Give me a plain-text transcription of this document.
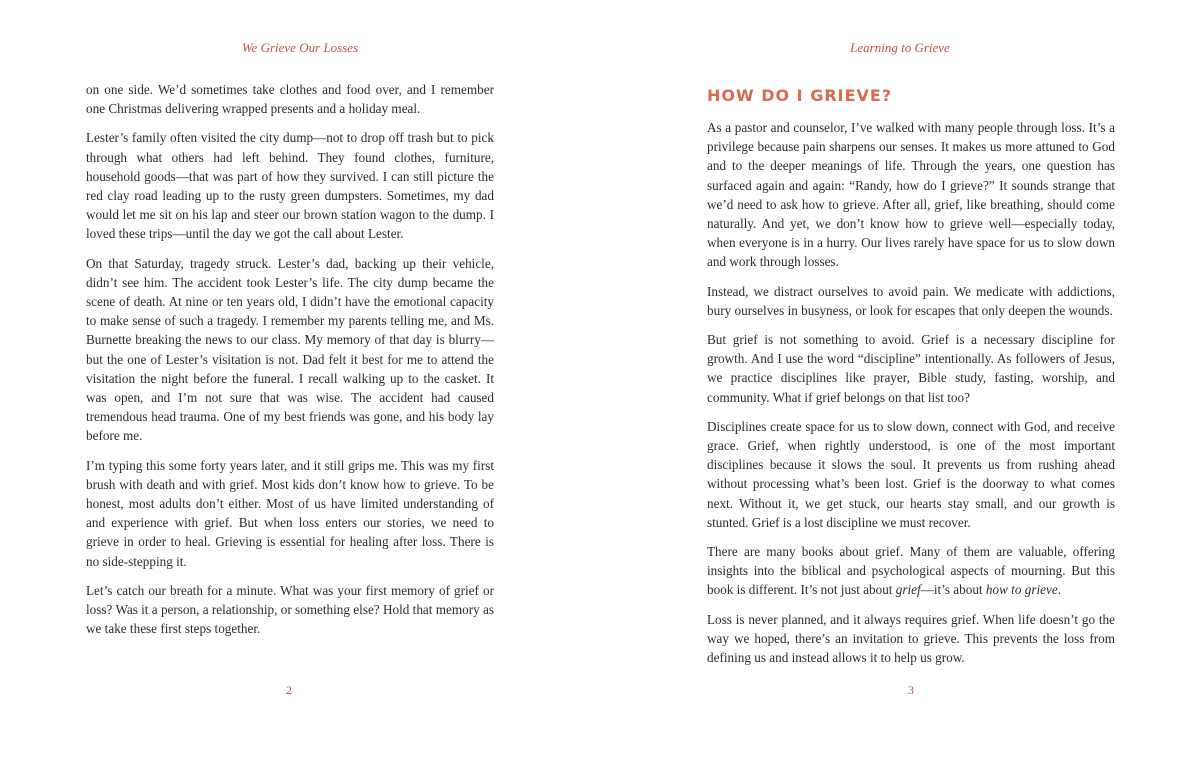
We Grieve Our Losses

on one side. We’d sometimes take clothes and food over, and I remember one Christmas delivering wrapped presents and a holiday meal.

Lester’s family often visited the city dump—not to drop off trash but to pick through what others had left behind. They found clothes, furniture, household goods—that was part of how they survived. I can still picture the red clay road leading up to the rusty green dumpsters. Sometimes, my dad would let me sit on his lap and steer our brown station wagon to the dump. I loved these trips—until the day we got the call about Lester.

On that Saturday, tragedy struck. Lester’s dad, backing up their vehicle, didn’t see him. The accident took Lester’s life. The city dump became the scene of death. At nine or ten years old, I didn’t have the emotional capacity to make sense of such a tragedy. I remember my parents telling me, and Ms. Burnette breaking the news to our class. My memory of that day is blurry—but the one of Lester’s visitation is not. Dad felt it best for me to attend the visitation the night before the funeral. I recall walking up to the casket. It was open, and I’m not sure that was wise. The accident had caused tremendous head trauma. One of my best friends was gone, and his body lay before me.

I’m typing this some forty years later, and it still grips me. This was my first brush with death and with grief. Most kids don’t know how to grieve. To be honest, most adults don’t either. Most of us have limited understanding of and experience with grief. But when loss enters our stories, we need to grieve in order to heal. Grieving is essential for healing after loss. There is no side-stepping it.

Let’s catch our breath for a minute. What was your first memory of grief or loss? Was it a person, a relationship, or something else? Hold that memory as we take these first steps together.

2
Learning to Grieve
HOW DO I GRIEVE?

As a pastor and counselor, I’ve walked with many people through loss. It’s a privilege because pain sharpens our senses. It makes us more attuned to God and to the deeper meanings of life. Through the years, one question has surfaced again and again: “Randy, how do I grieve?” It sounds strange that we’d need to ask how to grieve. After all, grief, like breathing, should come naturally. And yet, we don’t know how to grieve well—especially today, when everyone is in a hurry. Our lives rarely have space for us to slow down and work through losses.

Instead, we distract ourselves to avoid pain. We medicate with addictions, bury ourselves in busyness, or look for escapes that only deepen the wounds.

But grief is not something to avoid. Grief is a necessary discipline for growth. And I use the word “discipline” intentionally. As followers of Jesus, we practice disciplines like prayer, Bible study, fasting, worship, and community. What if grief belongs on that list too?

Disciplines create space for us to slow down, connect with God, and receive grace. Grief, when rightly understood, is one of the most important disciplines because it slows the soul. It prevents us from rushing ahead without processing what’s been lost. Grief is the doorway to what comes next. Without it, we get stuck, our hearts stay small, and our growth is stunted. Grief is a lost discipline we must recover.

There are many books about grief. Many of them are valuable, offering insights into the biblical and psychological aspects of mourning. But this book is different. It’s not just about grief—it’s about how to grieve.

Loss is never planned, and it always requires grief. When life doesn’t go the way we hoped, there’s an invitation to grieve. This prevents the loss from defining us and instead allows it to help us grow.

3
